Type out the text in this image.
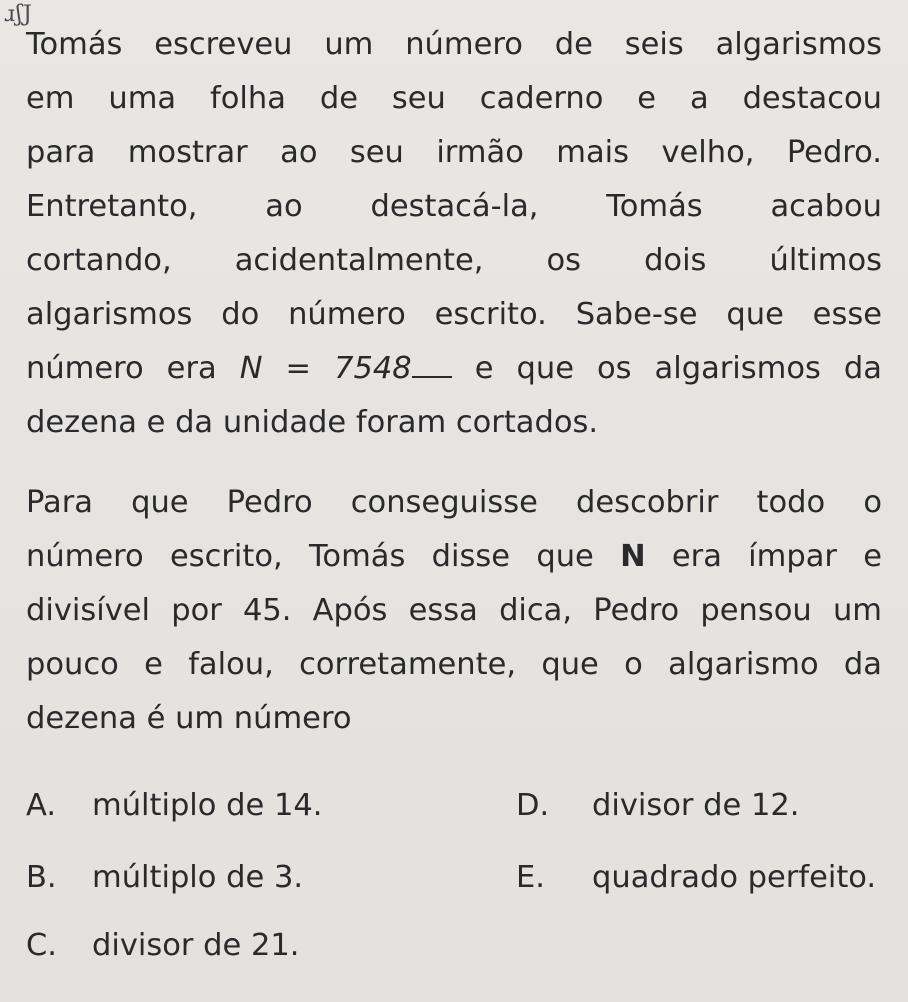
ɹʃJ
Tomás escreveu um número de seis algarismos
em uma folha de seu caderno e a destacou
para mostrar ao seu irmão mais velho, Pedro.
Entretanto, ao destacá-la, Tomás acabou
cortando, acidentalmente, os dois últimos
algarismos do número escrito. Sabe-se que esse
número era N = 7548 e que os algarismos da
dezena e da unidade foram cortados.
Para que Pedro conseguisse descobrir todo o
número escrito, Tomás disse que N era ímpar e
divisível por 45. Após essa dica, Pedro pensou um
pouco e falou, corretamente, que o algarismo da
dezena é um número
A. múltiplo de 14.
B. múltiplo de 3.
C. divisor de 21.
D. divisor de 12.
E. quadrado perfeito.
